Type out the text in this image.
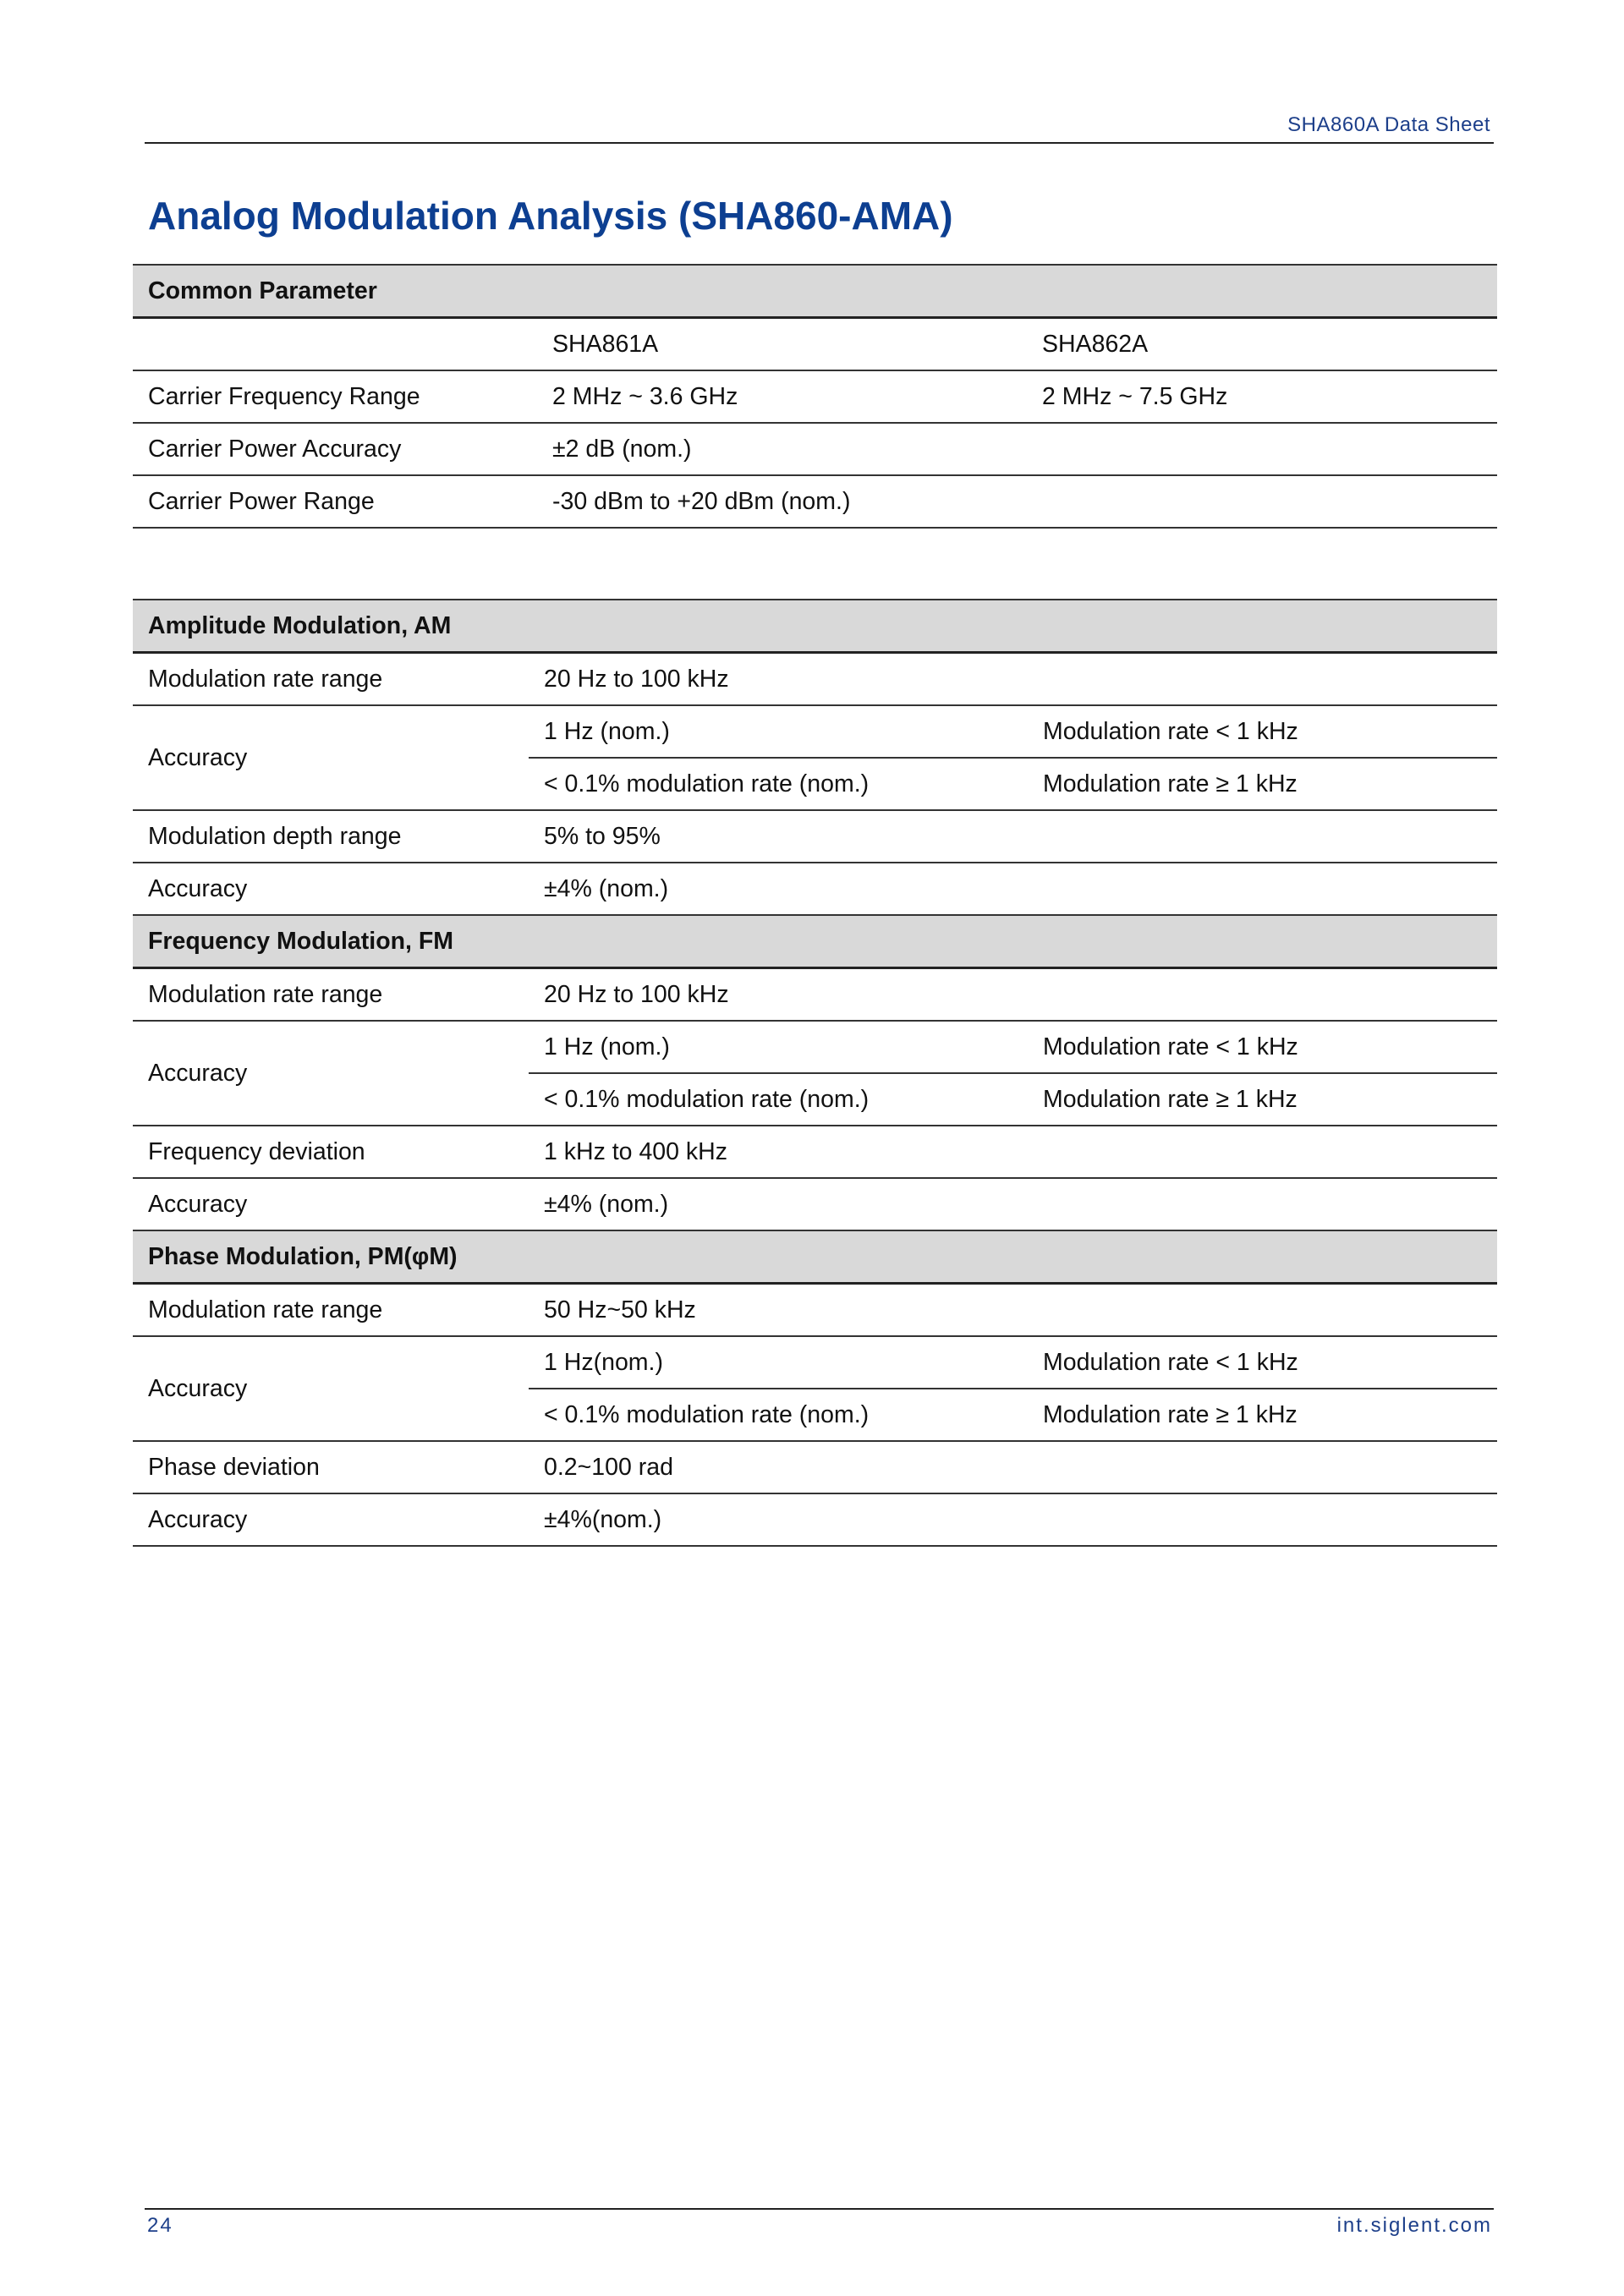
SHA860A Data Sheet
Analog Modulation Analysis (SHA860-AMA)
Common Parameter		
	SHA861A	SHA862A
Carrier Frequency Range	2 MHz ~ 3.6 GHz	2 MHz ~ 7.5 GHz
Carrier Power Accuracy	±2 dB (nom.)	
Carrier Power Range	-30 dBm to +20 dBm (nom.)	
Amplitude Modulation, AM		
Modulation rate range	20 Hz to 100 kHz	
Accuracy	1 Hz (nom.)	Modulation rate < 1 kHz
	< 0.1% modulation rate (nom.)	Modulation rate ≥ 1 kHz
Modulation depth range	5% to 95%	
Accuracy	±4% (nom.)	
Frequency Modulation, FM		
Modulation rate range	20 Hz to 100 kHz	
Accuracy	1 Hz (nom.)	Modulation rate < 1 kHz
	< 0.1% modulation rate (nom.)	Modulation rate ≥ 1 kHz
Frequency deviation	1 kHz to 400 kHz	
Accuracy	±4% (nom.)	
Phase Modulation, PM(φM)		
Modulation rate range	50 Hz~50 kHz	
Accuracy	1 Hz(nom.)	Modulation rate < 1 kHz
	< 0.1% modulation rate (nom.)	Modulation rate ≥ 1 kHz
Phase deviation	0.2~100 rad	
Accuracy	±4%(nom.)	
24	int.siglent.com
